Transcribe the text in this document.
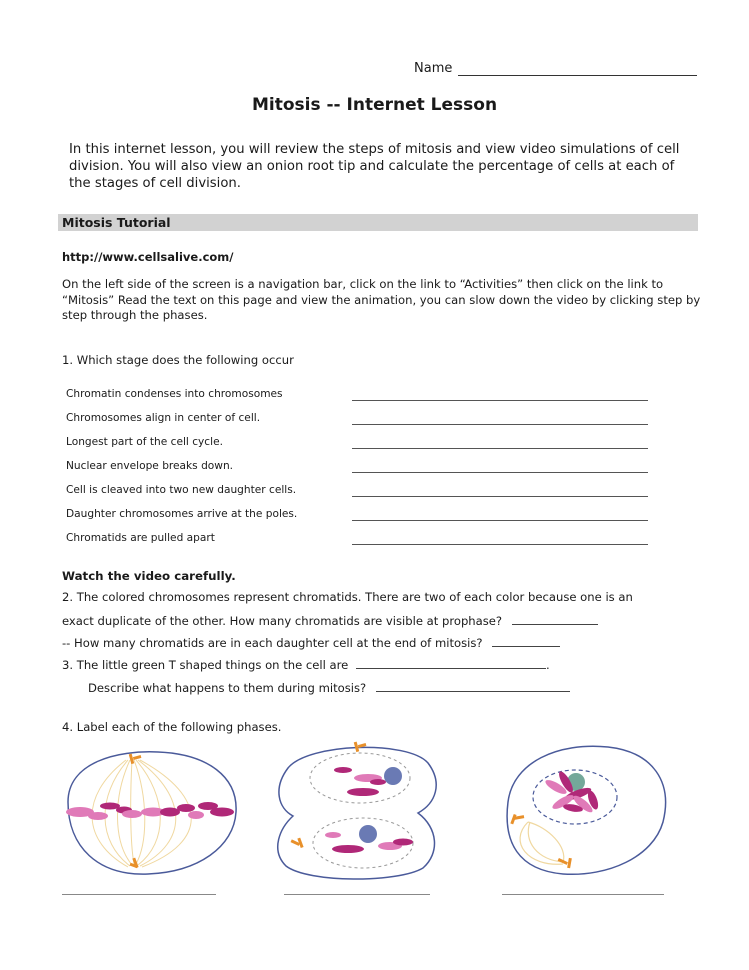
Name
Mitosis -- Internet Lesson
In this internet lesson, you will review the steps of mitosis and view video simulations of cell division. You will also view an onion root tip and calculate the percentage of cells at each of the stages of cell division.
Mitosis Tutorial
http://www.cellsalive.com/
On the left side of the screen is a navigation bar, click on the link to “Activities” then click on the link to “Mitosis” Read the text on this page and view the animation, you can slow down the video by clicking step by step through the phases.
1. Which stage does the following occur
Chromatin condenses into chromosomes
Chromosomes align in center of cell.
Longest part of the cell cycle.
Nuclear envelope breaks down.
Cell is cleaved into two new daughter cells.
Daughter chromosomes arrive at the poles.
Chromatids are pulled apart
Watch the video carefully.
2. The colored chromosomes represent chromatids. There are two of each color because one is an
exact duplicate of the other. How many chromatids are visible at prophase?
-- How many chromatids are in each daughter cell at the end of mitosis?
3. The little green T shaped things on the cell are	.
Describe what happens to them during mitosis?
4. Label each of the following phases.
